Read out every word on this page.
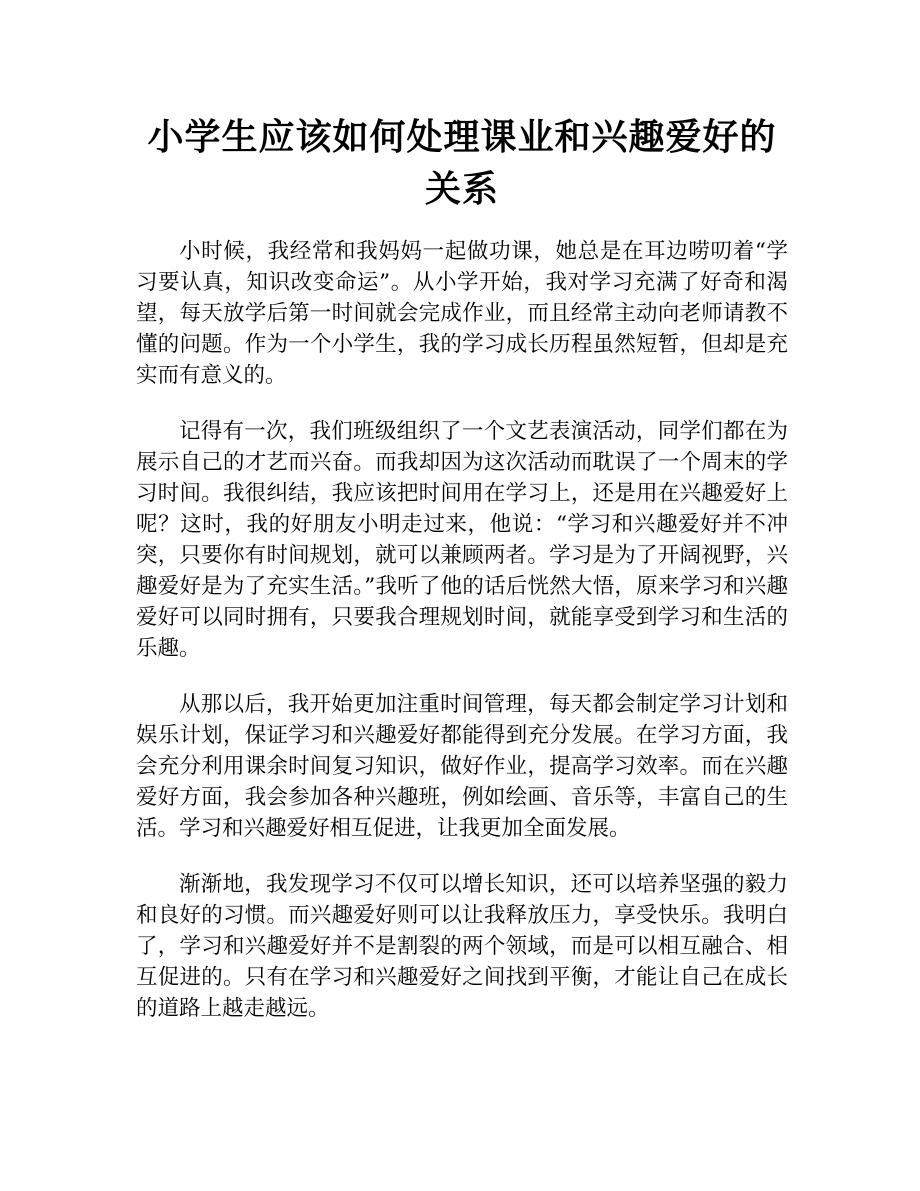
小学生应该如何处理课业和兴趣爱好的关系

小时候，我经常和我妈妈一起做功课，她总是在耳边唠叨着“学习要认真，知识改变命运”。从小学开始，我对学习充满了好奇和渴望，每天放学后第一时间就会完成作业，而且经常主动向老师请教不懂的问题。作为一个小学生，我的学习成长历程虽然短暂，但却是充实而有意义的。

记得有一次，我们班级组织了一个文艺表演活动，同学们都在为展示自己的才艺而兴奋。而我却因为这次活动而耽误了一个周末的学习时间。我很纠结，我应该把时间用在学习上，还是用在兴趣爱好上呢？这时，我的好朋友小明走过来，他说：“学习和兴趣爱好并不冲突，只要你有时间规划，就可以兼顾两者。学习是为了开阔视野，兴趣爱好是为了充实生活。”我听了他的话后恍然大悟，原来学习和兴趣爱好可以同时拥有，只要我合理规划时间，就能享受到学习和生活的乐趣。

从那以后，我开始更加注重时间管理，每天都会制定学习计划和娱乐计划，保证学习和兴趣爱好都能得到充分发展。在学习方面，我会充分利用课余时间复习知识，做好作业，提高学习效率。而在兴趣爱好方面，我会参加各种兴趣班，例如绘画、音乐等，丰富自己的生活。学习和兴趣爱好相互促进，让我更加全面发展。

渐渐地，我发现学习不仅可以增长知识，还可以培养坚强的毅力和良好的习惯。而兴趣爱好则可以让我释放压力，享受快乐。我明白了，学习和兴趣爱好并不是割裂的两个领域，而是可以相互融合、相互促进的。只有在学习和兴趣爱好之间找到平衡，才能让自己在成长的道路上越走越远。
